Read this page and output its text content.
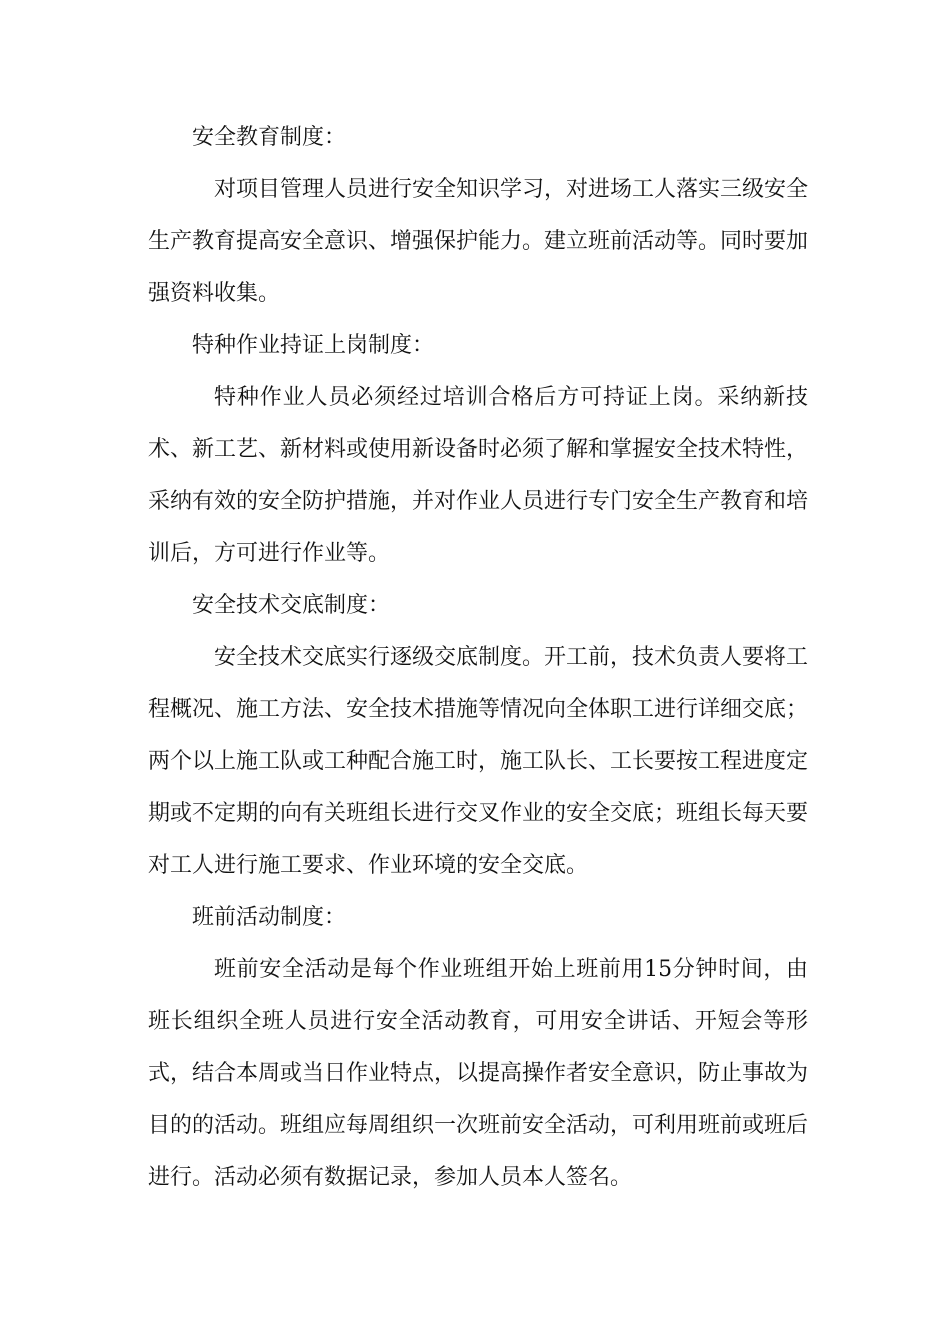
安全教育制度：

对项目管理人员进行安全知识学习，对进场工人落实三级安全生产教育提高安全意识、增强保护能力。建立班前活动等。同时要加强资料收集。

特种作业持证上岗制度：

特种作业人员必须经过培训合格后方可持证上岗。采纳新技术、新工艺、新材料或使用新设备时必须了解和掌握安全技术特性，采纳有效的安全防护措施，并对作业人员进行专门安全生产教育和培训后，方可进行作业等。

安全技术交底制度：

安全技术交底实行逐级交底制度。开工前，技术负责人要将工程概况、施工方法、安全技术措施等情况向全体职工进行详细交底；两个以上施工队或工种配合施工时，施工队长、工长要按工程进度定期或不定期的向有关班组长进行交叉作业的安全交底；班组长每天要对工人进行施工要求、作业环境的安全交底。

班前活动制度：

班前安全活动是每个作业班组开始上班前用15分钟时间，由班长组织全班人员进行安全活动教育，可用安全讲话、开短会等形式，结合本周或当日作业特点，以提高操作者安全意识，防止事故为目的的活动。班组应每周组织一次班前安全活动，可利用班前或班后进行。活动必须有数据记录，参加人员本人签名。
